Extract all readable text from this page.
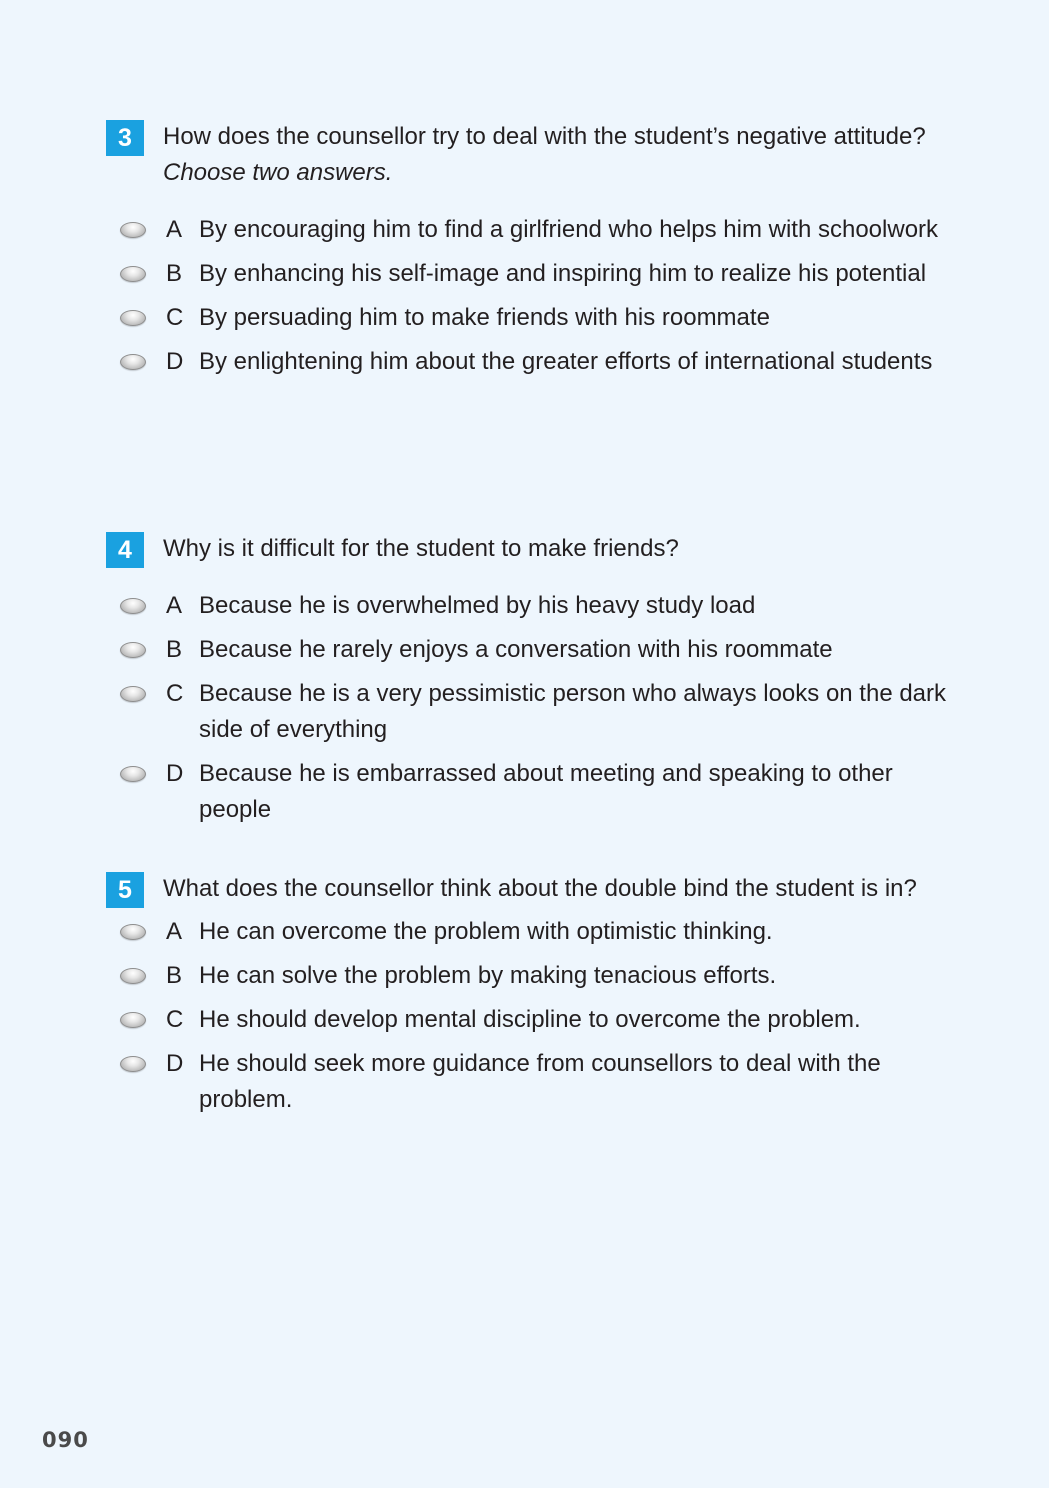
3	How does the counsellor try to deal with the student’s negative attitude? Choose two answers.
A By encouraging him to find a girlfriend who helps him with schoolwork
B By enhancing his self-image and inspiring him to realize his potential
C By persuading him to make friends with his roommate
D By enlightening him about the greater efforts of international students
4	Why is it difficult for the student to make friends?
A Because he is overwhelmed by his heavy study load
B Because he rarely enjoys a conversation with his roommate
C Because he is a very pessimistic person who always looks on the dark side of everything
D Because he is embarrassed about meeting and speaking to other people
5	What does the counsellor think about the double bind the student is in?
A He can overcome the problem with optimistic thinking.
B He can solve the problem by making tenacious efforts.
C He should develop mental discipline to overcome the problem.
D He should seek more guidance from counsellors to deal with the problem.
090
